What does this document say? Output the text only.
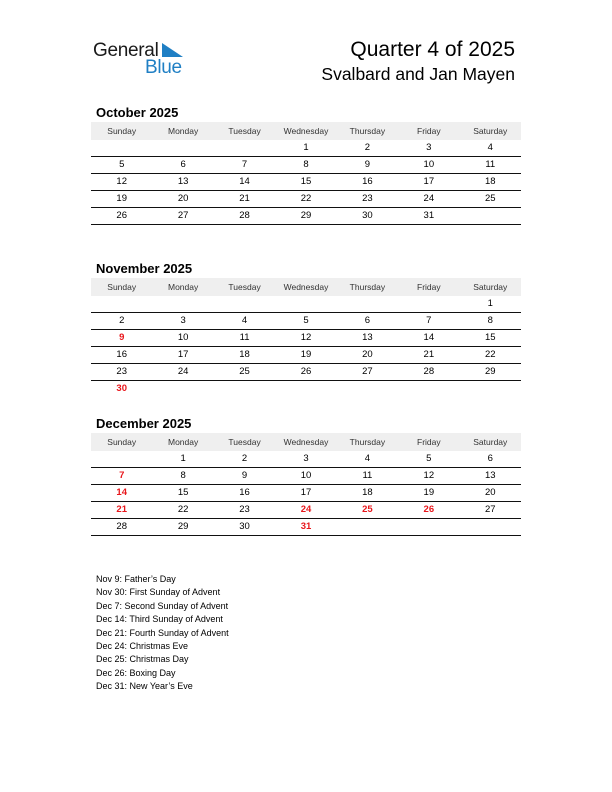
General
Blue
Quarter 4 of 2025
Svalbard and Jan Mayen
October 2025
Sunday	Monday	Tuesday	Wednesday	Thursday	Friday	Saturday
			1	2	3	4
5	6	7	8	9	10	11
12	13	14	15	16	17	18
19	20	21	22	23	24	25
26	27	28	29	30	31	
November 2025
Sunday	Monday	Tuesday	Wednesday	Thursday	Friday	Saturday
						1
2	3	4	5	6	7	8
9	10	11	12	13	14	15
16	17	18	19	20	21	22
23	24	25	26	27	28	29
30						
December 2025
Sunday	Monday	Tuesday	Wednesday	Thursday	Friday	Saturday
	1	2	3	4	5	6
7	8	9	10	11	12	13
14	15	16	17	18	19	20
21	22	23	24	25	26	27
28	29	30	31			
Nov 9: Father’s Day
Nov 30: First Sunday of Advent
Dec 7: Second Sunday of Advent
Dec 14: Third Sunday of Advent
Dec 21: Fourth Sunday of Advent
Dec 24: Christmas Eve
Dec 25: Christmas Day
Dec 26: Boxing Day
Dec 31: New Year’s Eve
